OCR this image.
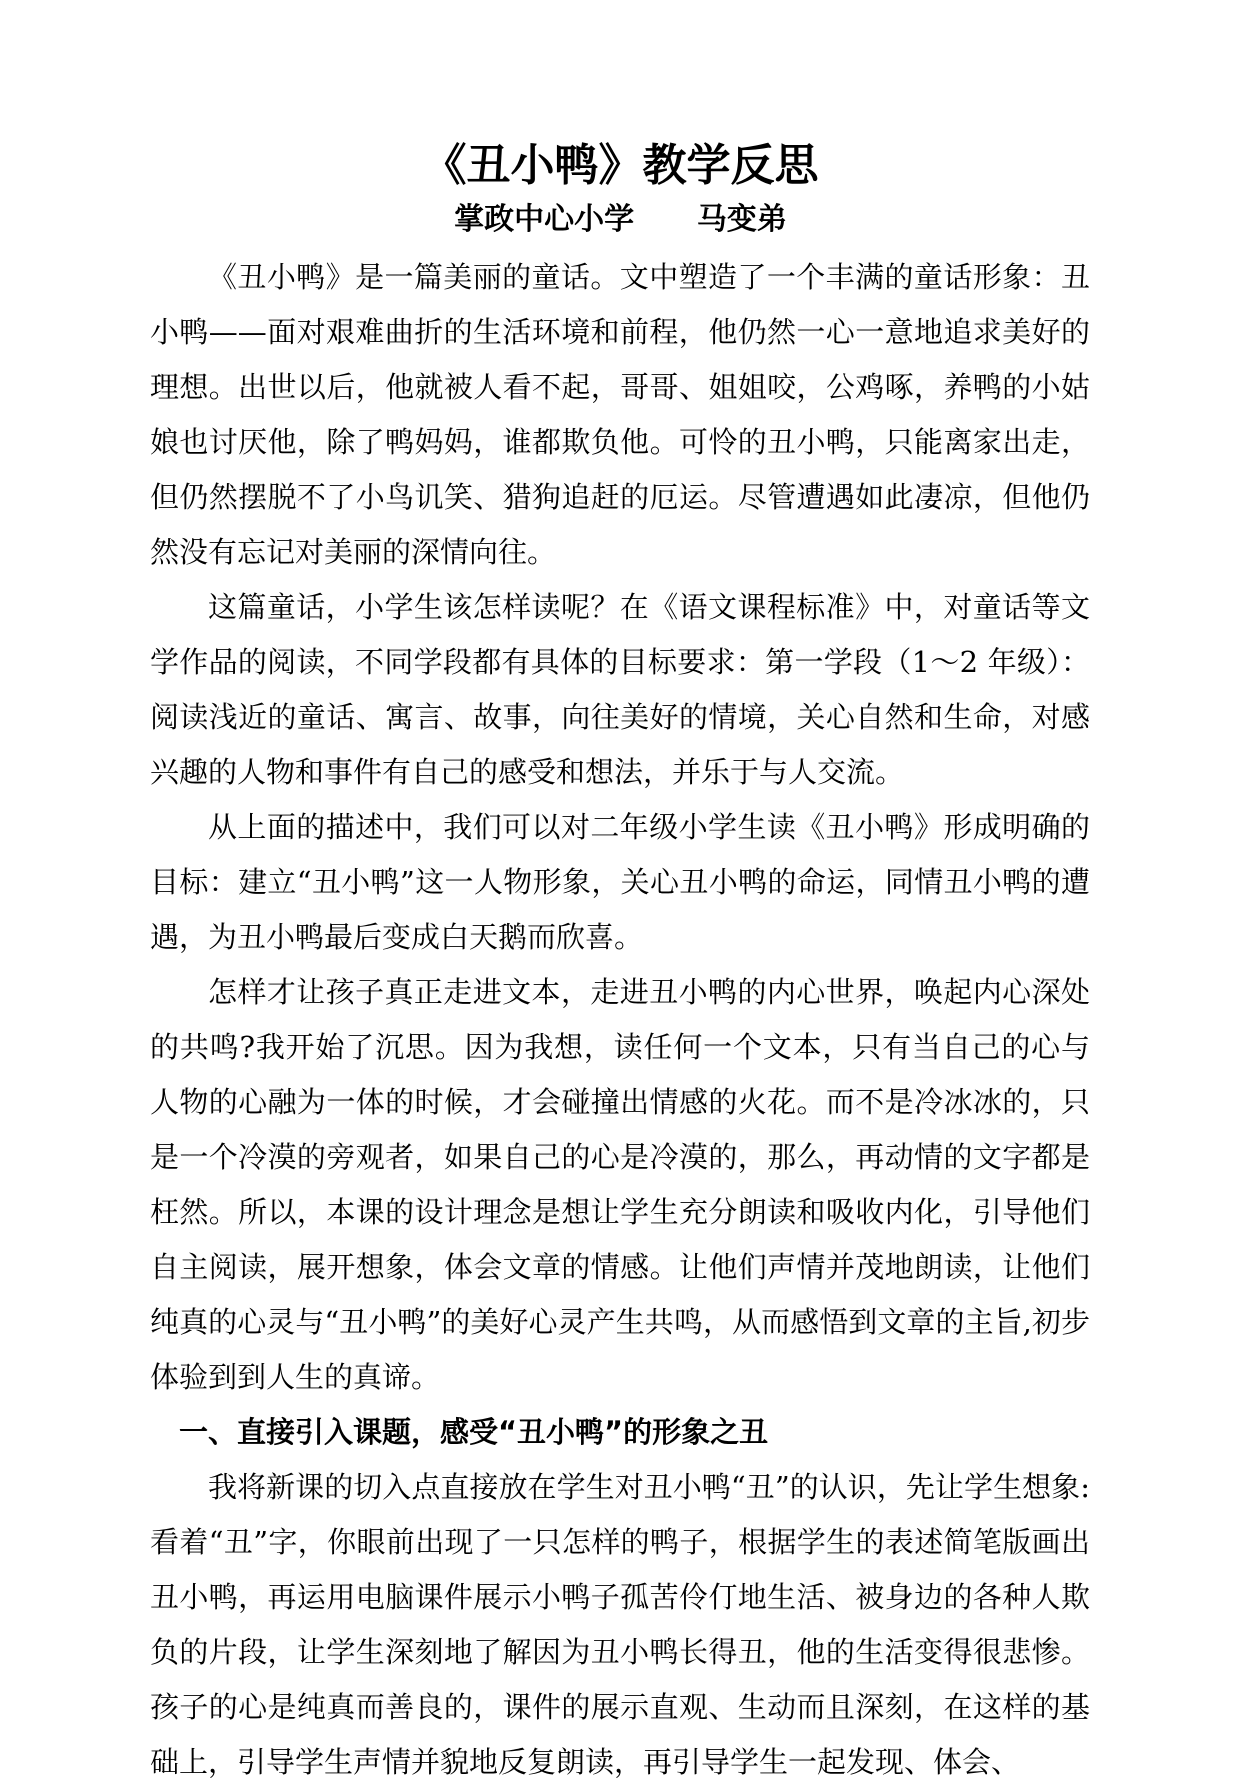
《丑小鸭》教学反思
掌政中心小学      马变弟

《丑小鸭》是一篇美丽的童话。文中塑造了一个丰满的童话形象：丑小鸭——面对艰难曲折的生活环境和前程，他仍然一心一意地追求美好的理想。出世以后，他就被人看不起，哥哥、姐姐咬，公鸡啄，养鸭的小姑娘也讨厌他，除了鸭妈妈，谁都欺负他。可怜的丑小鸭，只能离家出走，但仍然摆脱不了小鸟讥笑、猎狗追赶的厄运。尽管遭遇如此凄凉，但他仍然没有忘记对美丽的深情向往。

这篇童话，小学生该怎样读呢？在《语文课程标准》中，对童话等文学作品的阅读，不同学段都有具体的目标要求：第一学段（1～2 年级）：阅读浅近的童话、寓言、故事，向往美好的情境，关心自然和生命，对感兴趣的人物和事件有自己的感受和想法，并乐于与人交流。

从上面的描述中，我们可以对二年级小学生读《丑小鸭》形成明确的目标：建立“丑小鸭”这一人物形象，关心丑小鸭的命运，同情丑小鸭的遭遇，为丑小鸭最后变成白天鹅而欣喜。

怎样才让孩子真正走进文本，走进丑小鸭的内心世界，唤起内心深处的共鸣?我开始了沉思。因为我想，读任何一个文本，只有当自己的心与人物的心融为一体的时候，才会碰撞出情感的火花。而不是冷冰冰的，只是一个冷漠的旁观者，如果自己的心是冷漠的，那么，再动情的文字都是枉然。所以，本课的设计理念是想让学生充分朗读和吸收内化，引导他们自主阅读，展开想象，体会文章的情感。让他们声情并茂地朗读，让他们纯真的心灵与“丑小鸭”的美好心灵产生共鸣，从而感悟到文章的主旨,初步体验到到人生的真谛。

一、直接引入课题，感受“丑小鸭”的形象之丑

我将新课的切入点直接放在学生对丑小鸭“丑”的认识，先让学生想象:看着“丑”字，你眼前出现了一只怎样的鸭子，根据学生的表述简笔版画出丑小鸭，再运用电脑课件展示小鸭子孤苦伶仃地生活、被身边的各种人欺负的片段，让学生深刻地了解因为丑小鸭长得丑，他的生活变得很悲惨。孩子的心是纯真而善良的，课件的展示直观、生动而且深刻，在这样的基础上，引导学生声情并貌地反复朗读，再引导学生一起发现、体会、
